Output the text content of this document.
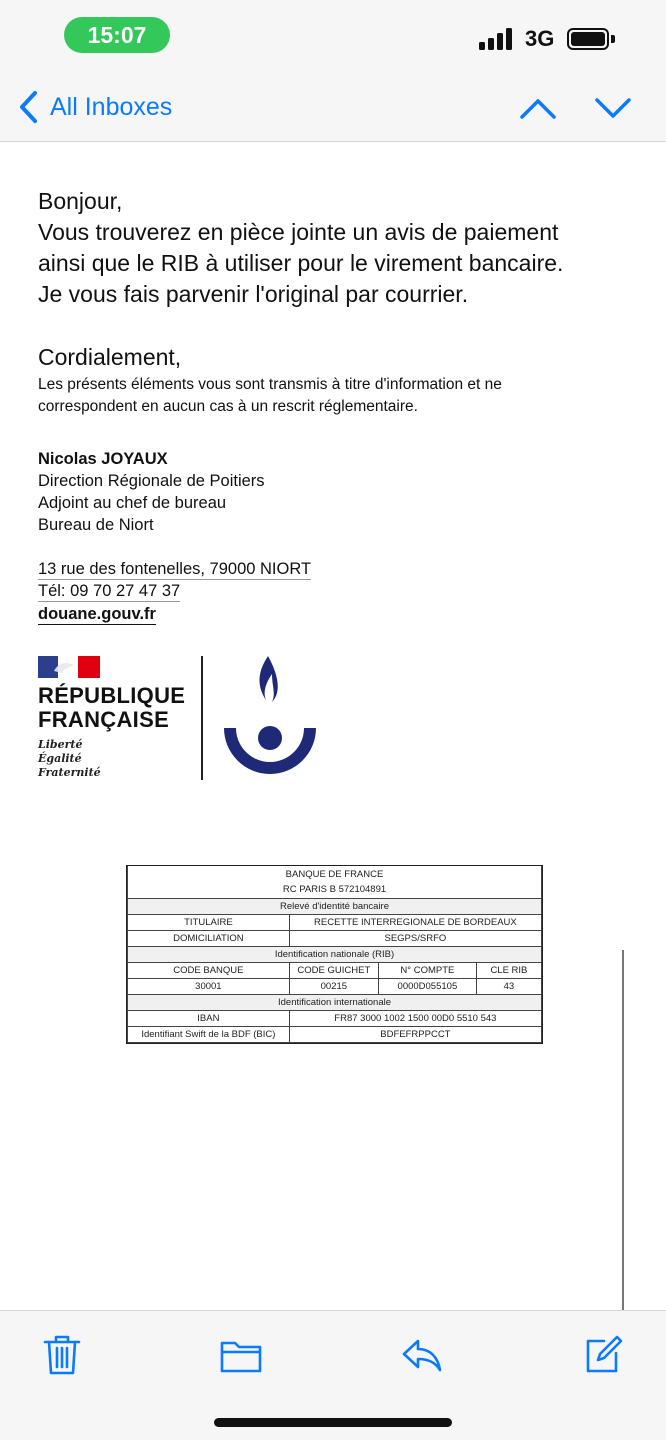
15:07	3G
All Inboxes

Bonjour,

Vous trouverez en pièce jointe un avis de paiement

ainsi que le RIB à utiliser pour le virement bancaire.

Je vous fais parvenir l'original par courrier.

Cordialement,
Les présents éléments vous sont transmis à titre d'information et ne correspondent en aucun cas à un rescrit réglementaire.
Nicolas JOYAUX
Direction Régionale de Poitiers
Adjoint au chef de bureau
Bureau de Niort
13 rue des fontenelles, 79000 NIORT
Tél: 09 70 27 47 37
douane.gouv.fr
RÉPUBLIQUE
FRANÇAISE
Liberté
Égalité
Fraternité
BANQUE DE FRANCE			
RC PARIS B 572104891			
Relevé d'identité bancaire			
TITULAIRE	RECETTE INTERREGIONALE DE BORDEAUX		
DOMICILIATION	SEGPS/SRFO		
Identification nationale (RIB)			
CODE BANQUE	CODE GUICHET	N° COMPTE	CLE RIB
30001	00215	0000D055105	43
Identification internationale			
IBAN	FR87 3000 1002 1500 00D0 5510 543		
Identifiant Swift de la BDF (BIC)	BDFEFRPPCCT		
